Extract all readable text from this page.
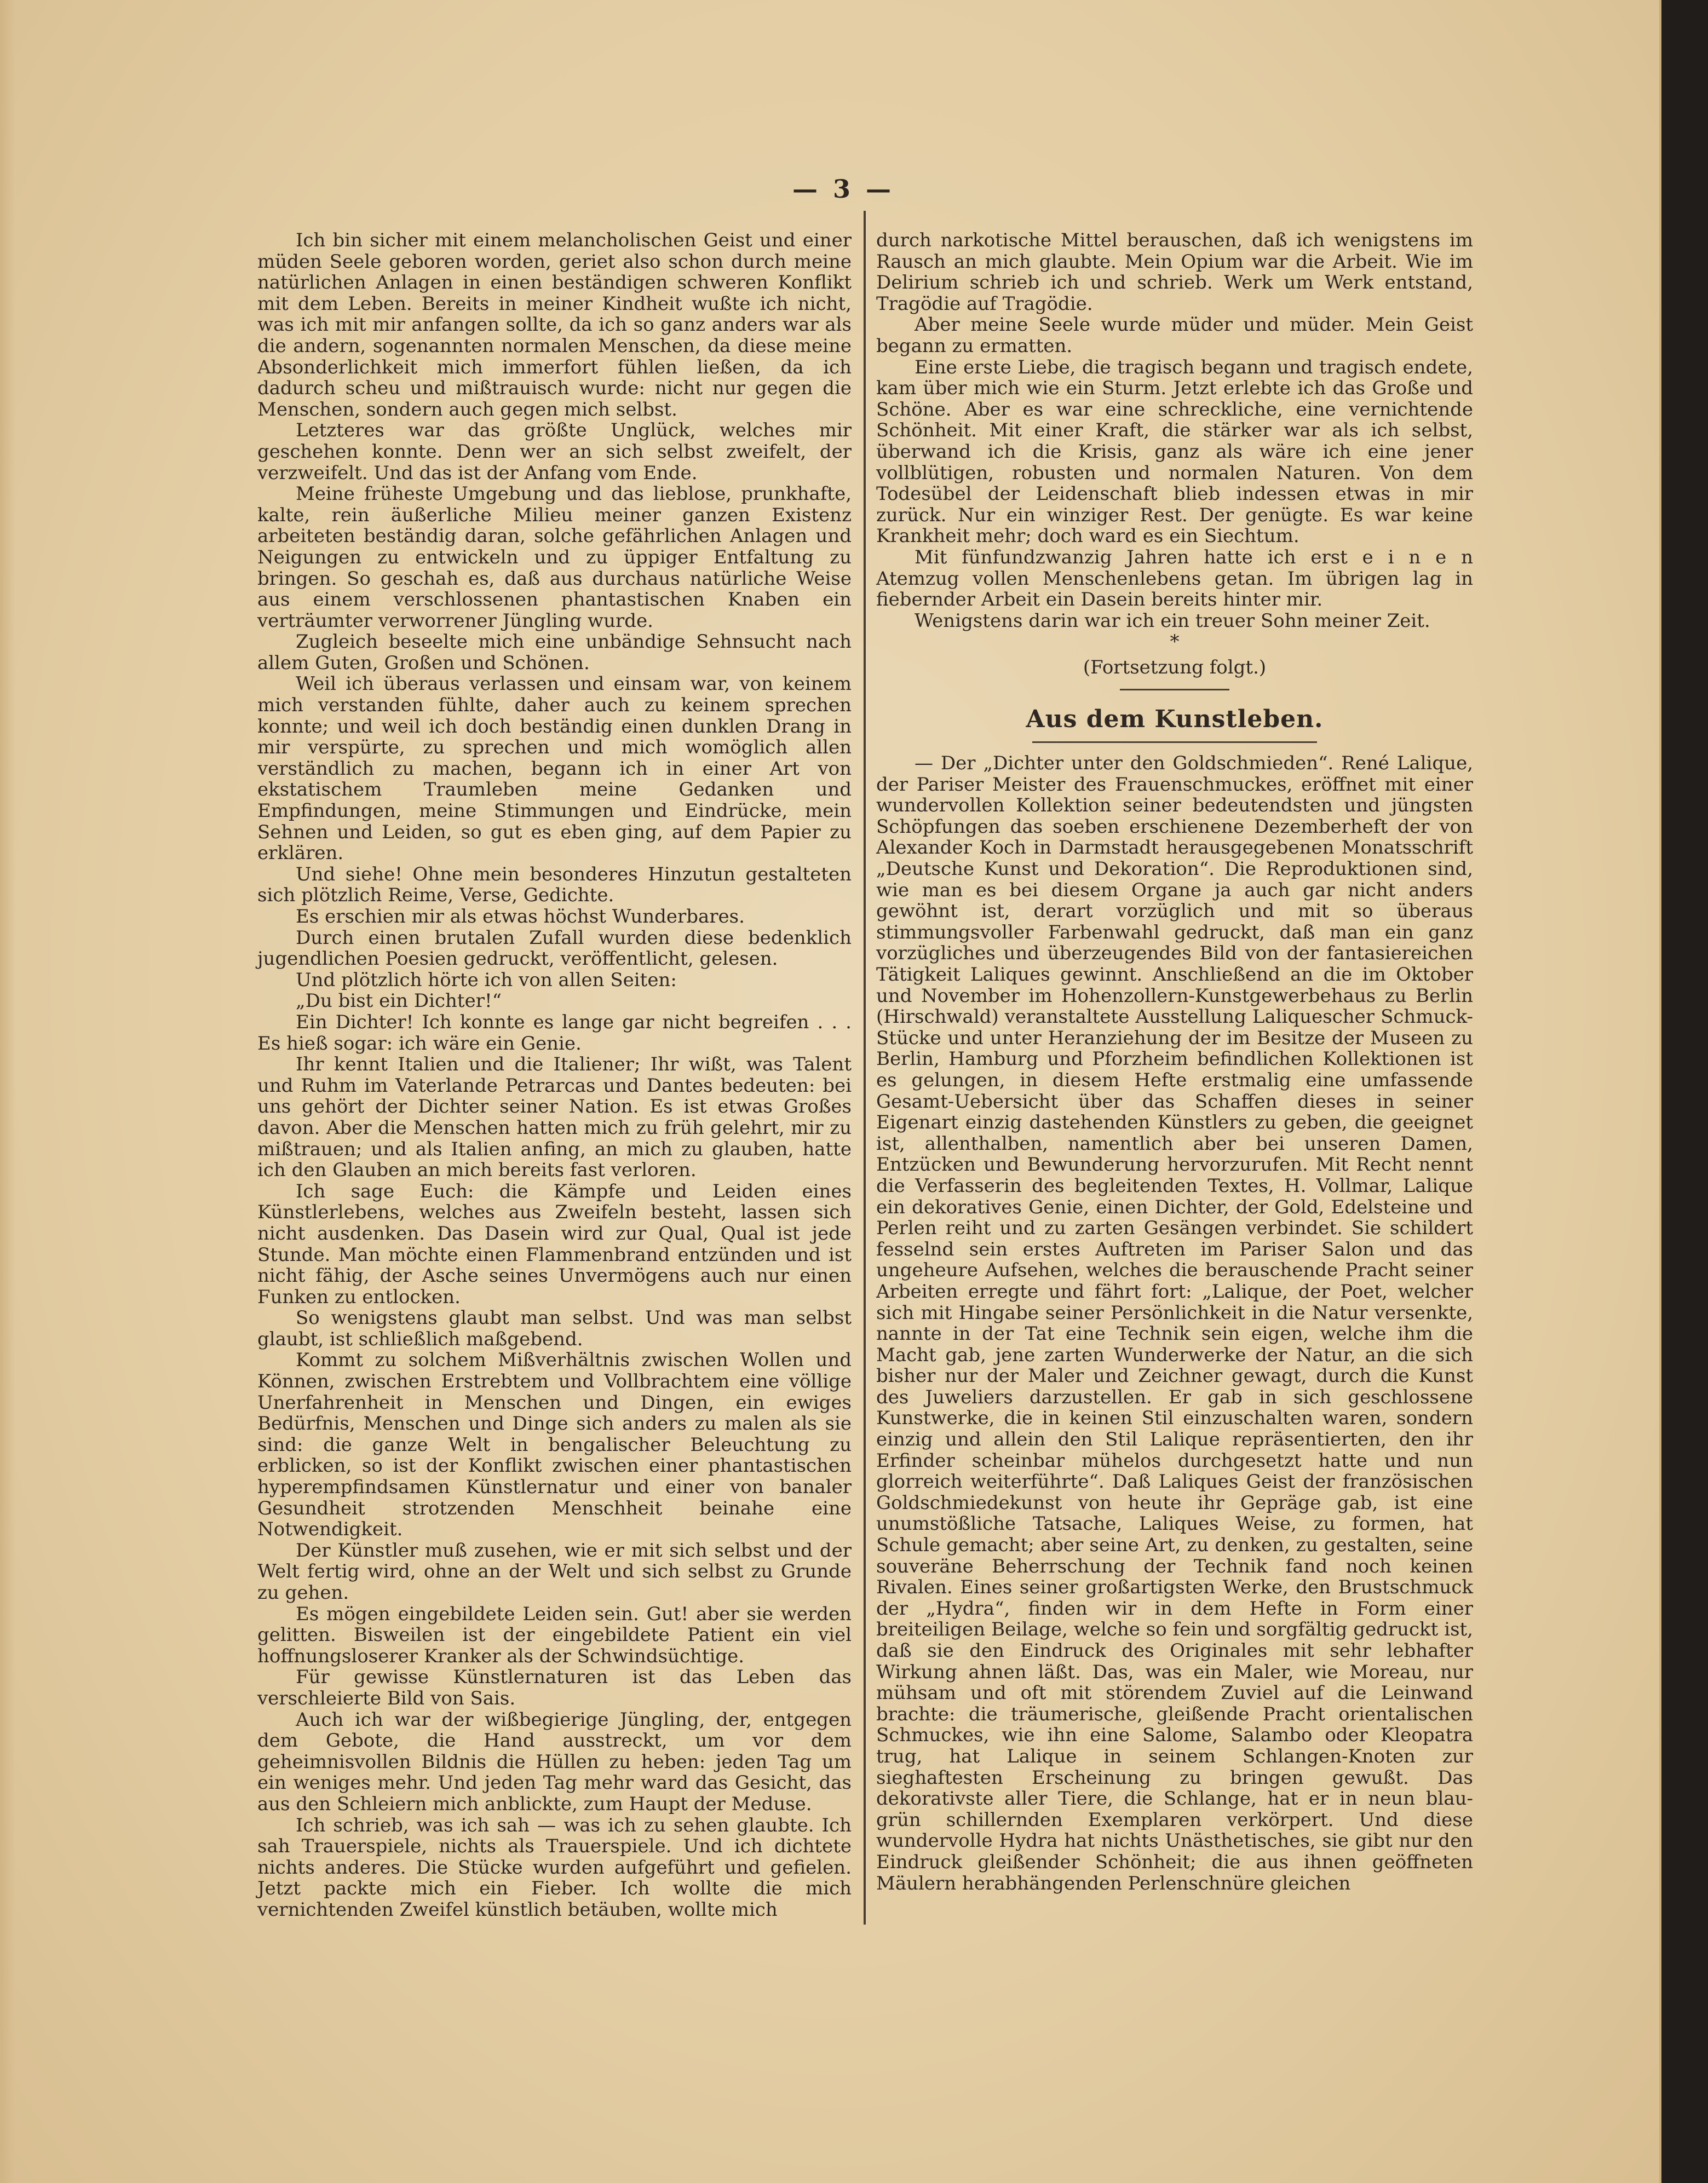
— 3 —

Ich bin sicher mit einem melancholischen Geist und einer müden Seele geboren worden, geriet also schon durch meine natürlichen Anlagen in einen beständigen schweren Konflikt mit dem Leben. Bereits in meiner Kindheit wußte ich nicht, was ich mit mir anfangen sollte, da ich so ganz anders war als die andern, sogenannten normalen Menschen, da diese meine Absonderlichkeit mich immerfort fühlen ließen, da ich dadurch scheu und mißtrauisch wurde: nicht nur gegen die Menschen, sondern auch gegen mich selbst.

Letzteres war das größte Unglück, welches mir geschehen konnte. Denn wer an sich selbst zweifelt, der verzweifelt. Und das ist der Anfang vom Ende.

Meine früheste Umgebung und das lieblose, prunkhafte, kalte, rein äußerliche Milieu meiner ganzen Existenz arbeiteten beständig daran, solche gefährlichen Anlagen und Neigungen zu entwickeln und zu üppiger Entfaltung zu bringen. So geschah es, daß aus durchaus natürliche Weise aus einem verschlossenen phantastischen Knaben ein verträumter verworrener Jüngling wurde.

Zugleich beseelte mich eine unbändige Sehnsucht nach allem Guten, Großen und Schönen.

Weil ich überaus verlassen und einsam war, von keinem mich verstanden fühlte, daher auch zu keinem sprechen konnte; und weil ich doch beständig einen dunklen Drang in mir verspürte, zu sprechen und mich womöglich allen verständlich zu machen, begann ich in einer Art von ekstatischem Traumleben meine Gedanken und Empfindungen, meine Stimmungen und Eindrücke, mein Sehnen und Leiden, so gut es eben ging, auf dem Papier zu erklären.

Und siehe! Ohne mein besonderes Hinzutun gestalteten sich plötzlich Reime, Verse, Gedichte.

Es erschien mir als etwas höchst Wunderbares.

Durch einen brutalen Zufall wurden diese bedenklich jugendlichen Poesien gedruckt, veröffentlicht, gelesen.

Und plötzlich hörte ich von allen Seiten:

„Du bist ein Dichter!“

Ein Dichter! Ich konnte es lange gar nicht begreifen . . . Es hieß sogar: ich wäre ein Genie.

Ihr kennt Italien und die Italiener; Ihr wißt, was Talent und Ruhm im Vaterlande Petrarcas und Dantes bedeuten: bei uns gehört der Dichter seiner Nation. Es ist etwas Großes davon. Aber die Menschen hatten mich zu früh gelehrt, mir zu mißtrauen; und als Italien anfing, an mich zu glauben, hatte ich den Glauben an mich bereits fast verloren.

Ich sage Euch: die Kämpfe und Leiden eines Künstlerlebens, welches aus Zweifeln besteht, lassen sich nicht ausdenken. Das Dasein wird zur Qual, Qual ist jede Stunde. Man möchte einen Flammenbrand entzünden und ist nicht fähig, der Asche seines Unvermögens auch nur einen Funken zu entlocken.

So wenigstens glaubt man selbst. Und was man selbst glaubt, ist schließlich maßgebend.

Kommt zu solchem Mißverhältnis zwischen Wollen und Können, zwischen Erstrebtem und Vollbrachtem eine völlige Unerfahrenheit in Menschen und Dingen, ein ewiges Bedürfnis, Menschen und Dinge sich anders zu malen als sie sind: die ganze Welt in bengalischer Beleuchtung zu erblicken, so ist der Konflikt zwischen einer phantastischen hyperempfindsamen Künstlernatur und einer von banaler Gesundheit strotzenden Menschheit beinahe eine Notwendigkeit.

Der Künstler muß zusehen, wie er mit sich selbst und der Welt fertig wird, ohne an der Welt und sich selbst zu Grunde zu gehen.

Es mögen eingebildete Leiden sein. Gut! aber sie werden gelitten. Bisweilen ist der eingebildete Patient ein viel hoffnungsloserer Kranker als der Schwindsüchtige.

Für gewisse Künstlernaturen ist das Leben das verschleierte Bild von Sais.

Auch ich war der wißbegierige Jüngling, der, entgegen dem Gebote, die Hand ausstreckt, um vor dem geheimnisvollen Bildnis die Hüllen zu heben: jeden Tag um ein weniges mehr. Und jeden Tag mehr ward das Gesicht, das aus den Schleiern mich anblickte, zum Haupt der Meduse.

Ich schrieb, was ich sah — was ich zu sehen glaubte. Ich sah Trauerspiele, nichts als Trauerspiele. Und ich dichtete nichts anderes. Die Stücke wurden aufgeführt und gefielen. Jetzt packte mich ein Fieber. Ich wollte die mich vernichtenden Zweifel künstlich betäuben, wollte mich

durch narkotische Mittel berauschen, daß ich wenigstens im Rausch an mich glaubte. Mein Opium war die Arbeit. Wie im Delirium schrieb ich und schrieb. Werk um Werk entstand, Tragödie auf Tragödie.

Aber meine Seele wurde müder und müder. Mein Geist begann zu ermatten.

Eine erste Liebe, die tragisch begann und tragisch endete, kam über mich wie ein Sturm. Jetzt erlebte ich das Große und Schöne. Aber es war eine schreckliche, eine vernichtende Schönheit. Mit einer Kraft, die stärker war als ich selbst, überwand ich die Krisis, ganz als wäre ich eine jener vollblütigen, robusten und normalen Naturen. Von dem Todesübel der Leidenschaft blieb indessen etwas in mir zurück. Nur ein winziger Rest. Der genügte. Es war keine Krankheit mehr; doch ward es ein Siechtum.

Mit fünfundzwanzig Jahren hatte ich erst e i n e n Atemzug vollen Menschenlebens getan. Im übrigen lag in fiebernder Arbeit ein Dasein bereits hinter mir.

Wenigstens darin war ich ein treuer Sohn meiner Zeit.

*

(Fortsetzung folgt.)

Aus dem Kunstleben.

— Der „Dichter unter den Goldschmieden“. René Lalique, der Pariser Meister des Frauenschmuckes, eröffnet mit einer wundervollen Kollektion seiner bedeutendsten und jüngsten Schöpfungen das soeben erschienene Dezemberheft der von Alexander Koch in Darmstadt herausgegebenen Monatsschrift „Deutsche Kunst und Dekoration“. Die Reproduktionen sind, wie man es bei diesem Organe ja auch gar nicht anders gewöhnt ist, derart vorzüglich und mit so überaus stimmungsvoller Farbenwahl gedruckt, daß man ein ganz vorzügliches und überzeugendes Bild von der fantasiereichen Tätigkeit Laliques gewinnt. Anschließend an die im Oktober und November im Hohenzollern-Kunstgewerbehaus zu Berlin (Hirschwald) veranstaltete Ausstellung Laliquescher Schmuck-Stücke und unter Heranziehung der im Besitze der Museen zu Berlin, Hamburg und Pforzheim befindlichen Kollektionen ist es gelungen, in diesem Hefte erstmalig eine umfassende Gesamt-Uebersicht über das Schaffen dieses in seiner Eigenart einzig dastehenden Künstlers zu geben, die geeignet ist, allenthalben, namentlich aber bei unseren Damen, Entzücken und Bewunderung hervorzurufen. Mit Recht nennt die Verfasserin des begleitenden Textes, H. Vollmar, Lalique ein dekoratives Genie, einen Dichter, der Gold, Edelsteine und Perlen reiht und zu zarten Gesängen verbindet. Sie schildert fesselnd sein erstes Auftreten im Pariser Salon und das ungeheure Aufsehen, welches die berauschende Pracht seiner Arbeiten erregte und fährt fort: „Lalique, der Poet, welcher sich mit Hingabe seiner Persönlichkeit in die Natur versenkte, nannte in der Tat eine Technik sein eigen, welche ihm die Macht gab, jene zarten Wunderwerke der Natur, an die sich bisher nur der Maler und Zeichner gewagt, durch die Kunst des Juweliers darzustellen. Er gab in sich geschlossene Kunstwerke, die in keinen Stil einzuschalten waren, sondern einzig und allein den Stil Lalique repräsentierten, den ihr Erfinder scheinbar mühelos durchgesetzt hatte und nun glorreich weiterführte“. Daß Laliques Geist der französischen Goldschmiedekunst von heute ihr Gepräge gab, ist eine unumstößliche Tatsache, Laliques Weise, zu formen, hat Schule gemacht; aber seine Art, zu denken, zu gestalten, seine souveräne Beherrschung der Technik fand noch keinen Rivalen. Eines seiner großartigsten Werke, den Brustschmuck der „Hydra“, finden wir in dem Hefte in Form einer breiteiligen Beilage, welche so fein und sorgfältig gedruckt ist, daß sie den Eindruck des Originales mit sehr lebhafter Wirkung ahnen läßt. Das, was ein Maler, wie Moreau, nur mühsam und oft mit störendem Zuviel auf die Leinwand brachte: die träumerische, gleißende Pracht orientalischen Schmuckes, wie ihn eine Salome, Salambo oder Kleopatra trug, hat Lalique in seinem Schlangen-Knoten zur sieghaftesten Erscheinung zu bringen gewußt. Das dekorativste aller Tiere, die Schlange, hat er in neun blau-grün schillernden Exemplaren verkörpert. Und diese wundervolle Hydra hat nichts Unästhetisches, sie gibt nur den Eindruck gleißender Schönheit; die aus ihnen geöffneten Mäulern herabhängenden Perlenschnüre gleichen
